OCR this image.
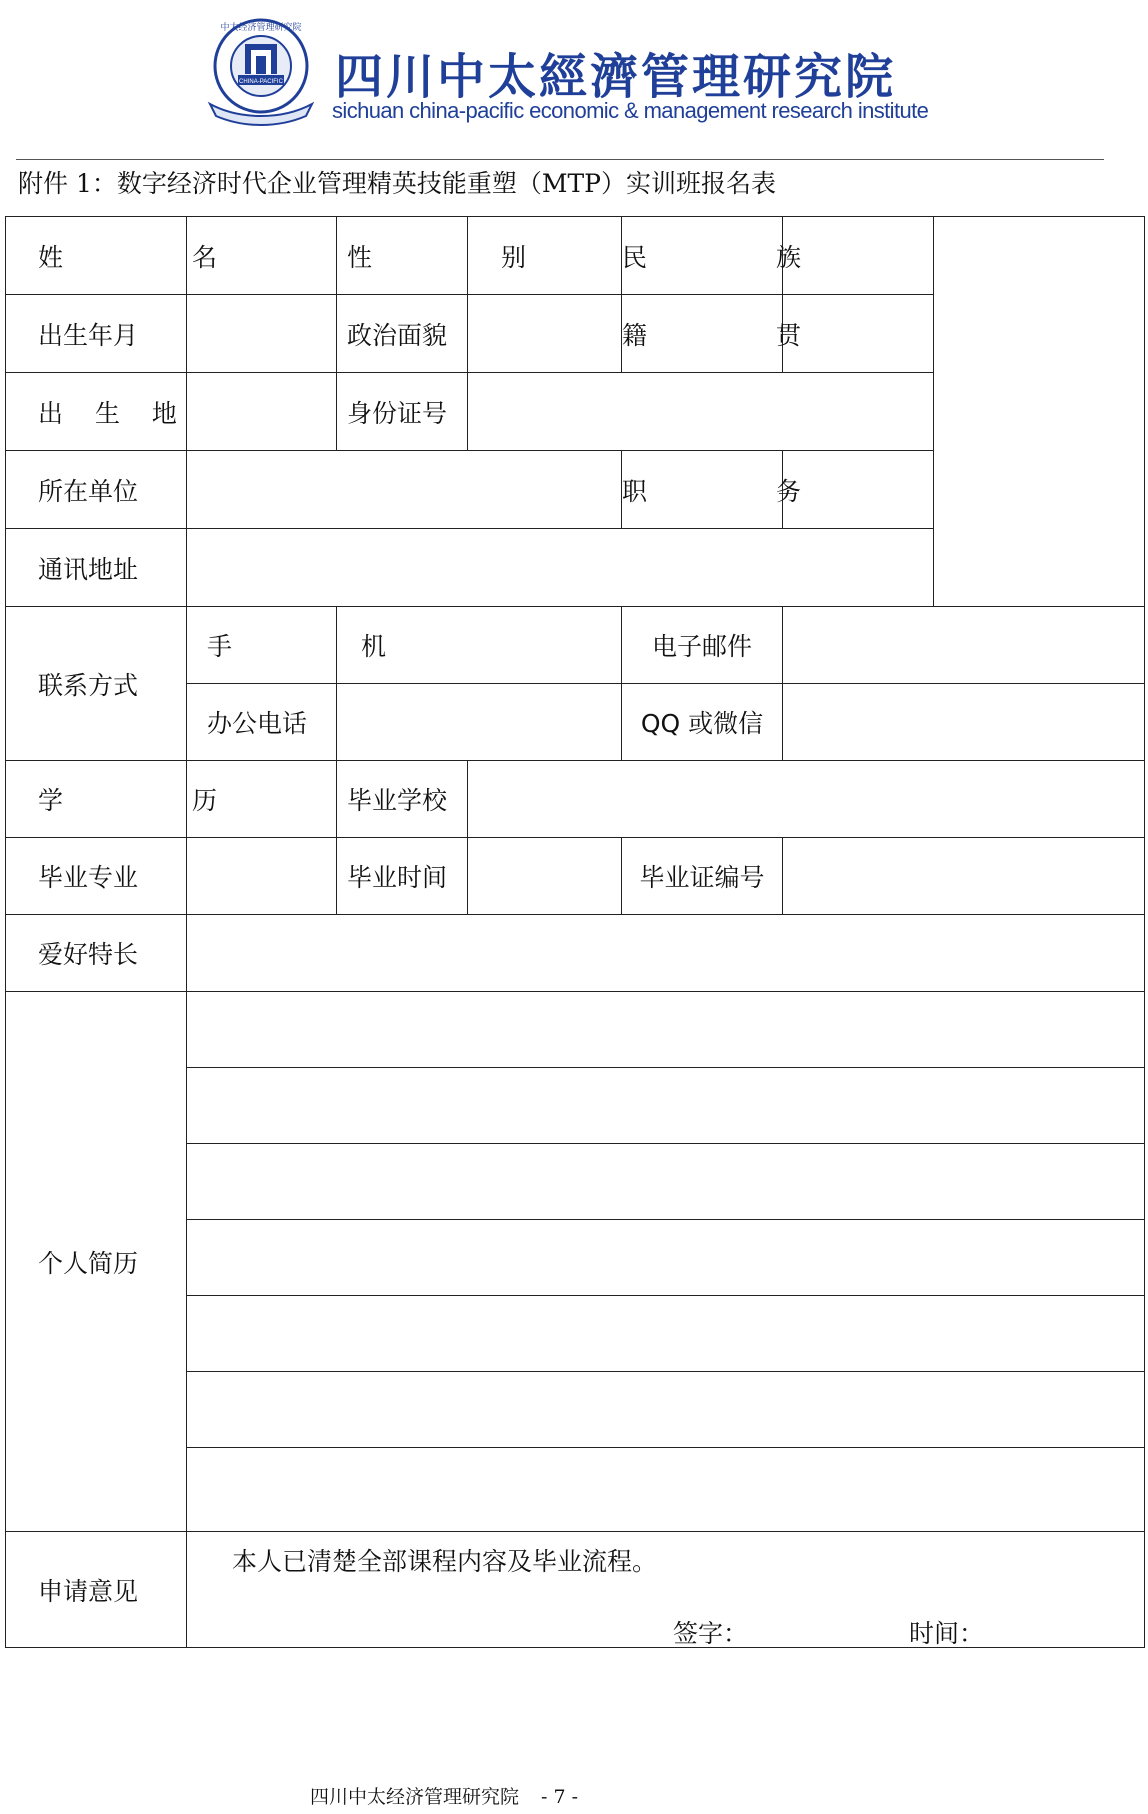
CHINA-PACIFIC
中太经济管理研究院
四川中太經濟管理研究院
sichuan china-pacific economic & management research institute
附件 1：数字经济时代企业管理精英技能重塑（MTP）实训班报名表
姓　名		性　别		民　族		
出生年月		政治面貌		籍　贯		
出 生 地		身份证号				
所在单位				职　务		
通讯地址						
联系方式	手　机			电子邮件		
	办公电话			QQ 或微信		
学　历		毕业学校				
毕业专业		毕业时间		毕业证编号		
爱好特长						
个人简历						

申请意见	本人已清楚全部课程内容及毕业流程。
签字： 时间：					
四川中太经济管理研究院 - 7 -
